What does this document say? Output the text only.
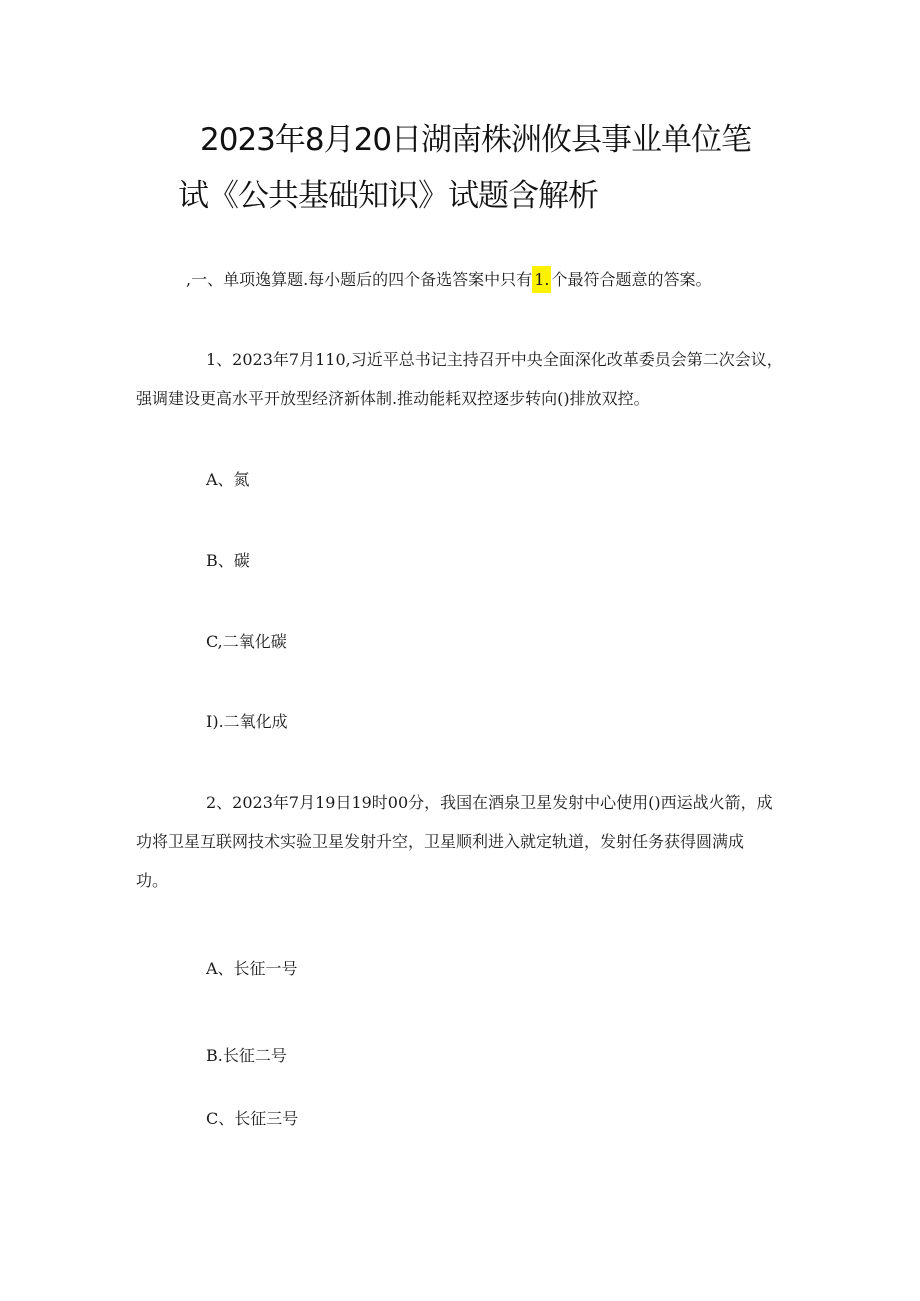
2023年8月20日湖南株洲攸县事业单位笔
试《公共基础知识》试题含解析
,一、单项逸算题.每小题后的四个备选答案中只有 1. 个最符合题意的答案。
1、2023年7月110,习近平总书记主持召开中央全面深化改革委员会第二次会议，
强调建设更高水平开放型经济新体制.推动能耗双控逐步转向()排放双控。
A、氮
B、碳
C,二氧化碳
I).二氧化成
2、2023年7月19日19时00分，我国在酒泉卫星发射中心使用()西运战火箭，成
功将卫星互联网技术实验卫星发射升空，卫星顺利进入就定轨道，发射任务获得圆满成
功。
A、长征一号
B.长征二号
C、长征三号
